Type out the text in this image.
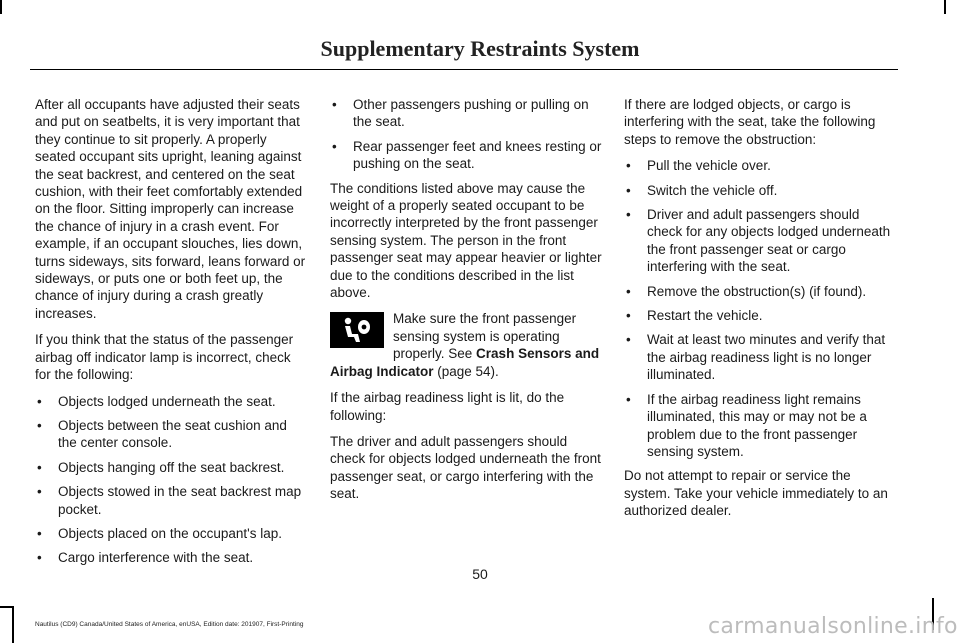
Supplementary Restraints System

After all occupants have adjusted their seats and put on seatbelts, it is very important that they continue to sit properly. A properly seated occupant sits upright, leaning against the seat backrest, and centered on the seat cushion, with their feet comfortably extended on the floor. Sitting improperly can increase the chance of injury in a crash event. For example, if an occupant slouches, lies down, turns sideways, sits forward, leans forward or sideways, or puts one or both feet up, the chance of injury during a crash greatly increases.

If you think that the status of the passenger airbag off indicator lamp is incorrect, check for the following:

• Objects lodged underneath the seat.
• Objects between the seat cushion and the center console.
• Objects hanging off the seat backrest.
• Objects stowed in the seat backrest map pocket.
• Objects placed on the occupant's lap.
• Cargo interference with the seat.
• Other passengers pushing or pulling on the seat.
• Rear passenger feet and knees resting or pushing on the seat.

The conditions listed above may cause the weight of a properly seated occupant to be incorrectly interpreted by the front passenger sensing system. The person in the front passenger seat may appear heavier or lighter due to the conditions described in the list above.

Make sure the front passenger sensing system is operating properly. See Crash Sensors and Airbag Indicator (page 54).

If the airbag readiness light is lit, do the following:

The driver and adult passengers should check for objects lodged underneath the front passenger seat, or cargo interfering with the seat.

If there are lodged objects, or cargo is interfering with the seat, take the following steps to remove the obstruction:

• Pull the vehicle over.
• Switch the vehicle off.
• Driver and adult passengers should check for any objects lodged underneath the front passenger seat or cargo interfering with the seat.
• Remove the obstruction(s) (if found).
• Restart the vehicle.
• Wait at least two minutes and verify that the airbag readiness light is no longer illuminated.
• If the airbag readiness light remains illuminated, this may or may not be a problem due to the front passenger sensing system.

Do not attempt to repair or service the system. Take your vehicle immediately to an authorized dealer.

50
Nautilus (CD9) Canada/United States of America, enUSA, Edition date: 201907, First-Printing	carmanualsonline.info
